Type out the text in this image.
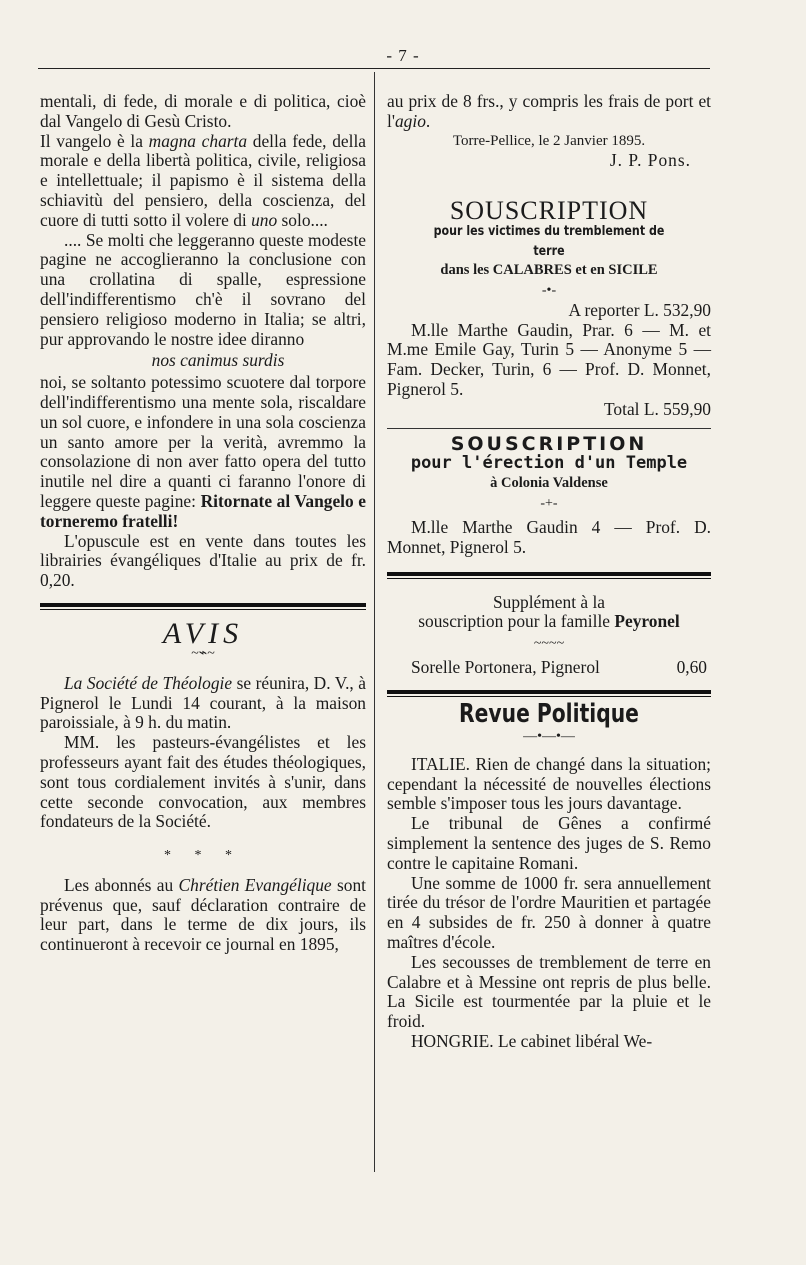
- 7 -

mentali, di fede, di morale e di politica, cioè dal Vangelo di Gesù Cristo.

Il vangelo è la magna charta della fede, della morale e della libertà politica, civile, religiosa e intellettuale; il papismo è il sistema della schiavitù del pensiero, della coscienza, del cuore di tutti sotto il volere di uno solo....

.... Se molti che leggeranno queste modeste pagine ne accoglieranno la conclusione con una crollatina di spalle, espressione dell'indifferentismo ch'è il sovrano del pensiero religioso moderno in Italia; se altri, pur approvando le nostre idee diranno

nos canimus surdis

noi, se soltanto potessimo scuotere dal torpore dell'indifferentismo una mente sola, riscaldare un sol cuore, e infondere in una sola coscienza un santo amore per la verità, avremmo la consolazione di non aver fatto opera del tutto inutile nel dire a quanti ci faranno l'onore di leggere queste pagine: Ritornate al Vangelo e torneremo fratelli!

L'opuscule est en vente dans toutes les librairies évangéliques d'Italie au prix de fr. 0,20.

AVIS
~⌁~

La Société de Théologie se réunira, D. V., à Pignerol le Lundi 14 courant, à la maison paroissiale, à 9 h. du matin.

MM. les pasteurs-évangélistes et les professeurs ayant fait des études théologiques, sont tous cordialement invités à s'unir, dans cette seconde convocation, aux membres fondateurs de la Société.

* * *

Les abonnés au Chrétien Evangélique sont prévenus que, sauf déclaration contraire de leur part, dans le terme de dix jours, ils continueront à recevoir ce journal en 1895,

au prix de 8 frs., y compris les frais de port et l'agio.

Torre-Pellice, le 2 Janvier 1895.

J. P. Pons.

SOUSCRIPTION
pour les victimes du tremblement de terre
dans les CALABRES et en SICILE
-•-

A reporter L. 532,90

M.lle Marthe Gaudin, Prar. 6 — M. et M.me Emile Gay, Turin 5 — Anonyme 5 — Fam. Decker, Turin, 6 — Prof. D. Monnet, Pignerol 5.

Total L. 559,90

SOUSCRIPTION
pour l'érection d'un Temple
à Colonia Valdense
-+-

M.lle Marthe Gaudin 4 — Prof. D. Monnet, Pignerol 5.

Supplément à la

souscription pour la famille Peyronel

~~~~

Sorelle Portonera, Pignerol	0,60

Revue Politique
—•—•—

ITALIE. Rien de changé dans la situation; cependant la nécessité de nouvelles élections semble s'imposer tous les jours davantage.

Le tribunal de Gênes a confirmé simplement la sentence des juges de S. Remo contre le capitaine Romani.

Une somme de 1000 fr. sera annuellement tirée du trésor de l'ordre Mauritien et partagée en 4 subsides de fr. 250 à donner à quatre maîtres d'école.

Les secousses de tremblement de terre en Calabre et à Messine ont repris de plus belle. La Sicile est tourmentée par la pluie et le froid.

HONGRIE. Le cabinet libéral We-
